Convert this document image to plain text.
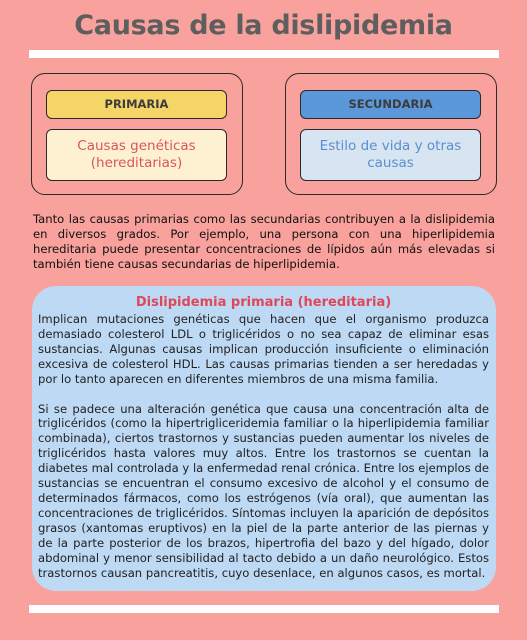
Causas de la dislipidemia
PRIMARIA
Causas genéticas (hereditarias)
SECUNDARIA
Estilo de vida y otras causas

Tanto las causas primarias como las secundarias contribuyen a la dislipidemia en diversos grados. Por ejemplo, una persona con una hiperlipidemia hereditaria puede presentar concentraciones de lípidos aún más elevadas si también tiene causas secundarias de hiperlipidemia.

Dislipidemia primaria (hereditaria)

Implican mutaciones genéticas que hacen que el organismo produzca demasiado colesterol LDL o triglicéridos o no sea capaz de eliminar esas sustancias. Algunas causas implican producción insuficiente o eliminación excesiva de colesterol HDL. Las causas primarias tienden a ser heredadas y por lo tanto aparecen en diferentes miembros de una misma familia.

Si se padece una alteración genética que causa una concentración alta de triglicéridos (como la hipertrigliceridemia familiar o la hiperlipidemia familiar combinada), ciertos trastornos y sustancias pueden aumentar los niveles de triglicéridos hasta valores muy altos. Entre los trastornos se cuentan la diabetes mal controlada y la enfermedad renal crónica. Entre los ejemplos de sustancias se encuentran el consumo excesivo de alcohol y el consumo de determinados fármacos, como los estrógenos (vía oral), que aumentan las concentraciones de triglicéridos. Síntomas incluyen la aparición de depósitos grasos (xantomas eruptivos) en la piel de la parte anterior de las piernas y de la parte posterior de los brazos, hipertrofia del bazo y del hígado, dolor abdominal y menor sensibilidad al tacto debido a un daño neurológico. Estos trastornos causan pancreatitis, cuyo desenlace, en algunos casos, es mortal.
